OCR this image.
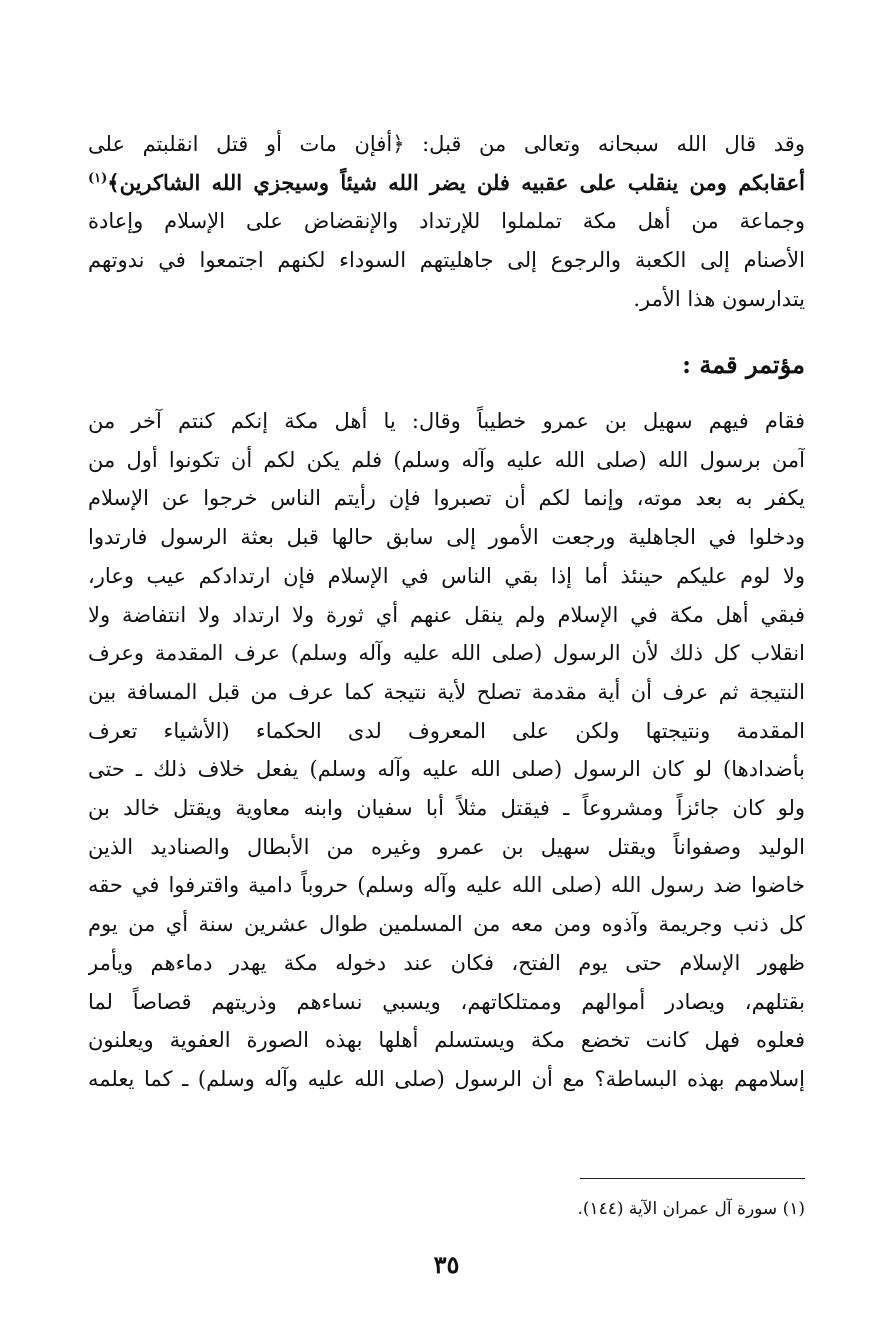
وقد قال الله سبحانه وتعالى من قبل: ﴿أفإن مات أو قتل انقلبتم على
أعقابكم ومن ينقلب على عقبيه فلن يضر الله شيئاً وسيجزي الله الشاكرين﴾$^{(١)}$
وجماعة من أهل مكة تململوا للإرتداد والإنقضاض على الإسلام وإعادة
الأصنام إلى الكعبة والرجوع إلى جاهليتهم السوداء لكنهم اجتمعوا في ندوتهم
يتدارسون هذا الأمر.
مؤتمر قمة :
فقام فيهم سهيل بن عمرو خطيباً وقال: يا أهل مكة إنكم كنتم آخر من
آمن برسول الله (صلى الله عليه وآله وسلم) فلم يكن لكم أن تكونوا أول من
يكفر به بعد موته، وإنما لكم أن تصبروا فإن رأيتم الناس خرجوا عن الإسلام
ودخلوا في الجاهلية ورجعت الأمور إلى سابق حالها قبل بعثة الرسول فارتدوا
ولا لوم عليكم حينئذ أما إذا بقي الناس في الإسلام فإن ارتدادكم عيب وعار،
فبقي أهل مكة في الإسلام ولم ينقل عنهم أي ثورة ولا ارتداد ولا انتفاضة ولا
انقلاب كل ذلك لأن الرسول (صلى الله عليه وآله وسلم) عرف المقدمة وعرف
النتيجة ثم عرف أن أية مقدمة تصلح لأية نتيجة كما عرف من قبل المسافة بين
المقدمة ونتيجتها ولكن على المعروف لدى الحكماء (الأشياء تعرف
بأضدادها) لو كان الرسول (صلى الله عليه وآله وسلم) يفعل خلاف ذلك ـ حتى
ولو كان جائزاً ومشروعاً ـ فيقتل مثلاً أبا سفيان وابنه معاوية ويقتل خالد بن
الوليد وصفواناً ويقتل سهيل بن عمرو وغيره من الأبطال والصناديد الذين
خاضوا ضد رسول الله (صلى الله عليه وآله وسلم) حروباً دامية واقترفوا في حقه
كل ذنب وجريمة وآذوه ومن معه من المسلمين طوال عشرين سنة أي من يوم
ظهور الإسلام حتى يوم الفتح، فكان عند دخوله مكة يهدر دماءهم ويأمر
بقتلهم، ويصادر أموالهم وممتلكاتهم، ويسبي نساءهم وذريتهم قصاصاً لما
فعلوه فهل كانت تخضع مكة ويستسلم أهلها بهذه الصورة العفوية ويعلنون
إسلامهم بهذه البساطة؟ مع أن الرسول (صلى الله عليه وآله وسلم) ـ كما يعلمه
(١) سورة آل عمران الآية (١٤٤).
٣٥
